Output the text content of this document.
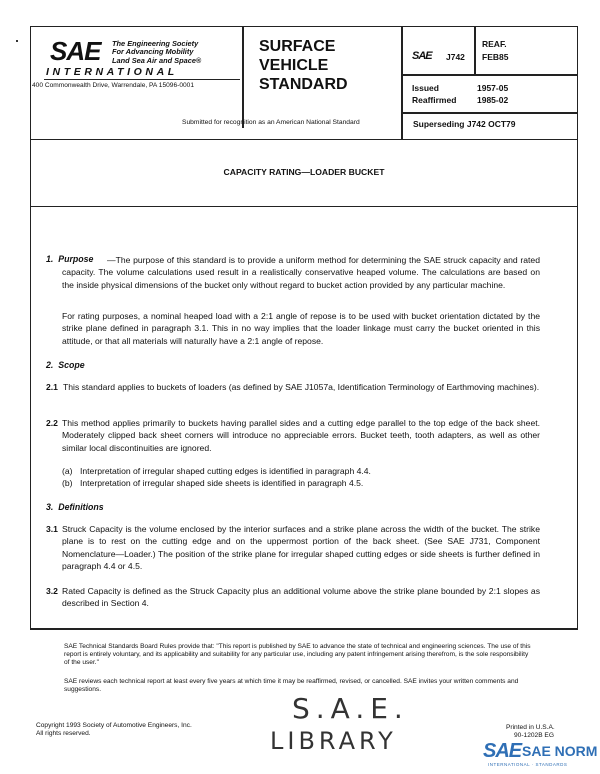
SAE The Engineering Society
For Advancing Mobility
Land Sea Air and Space®
INTERNATIONAL
400 Commonwealth Drive, Warrendale, PA 15096-0001
SURFACE
VEHICLE
STANDARD
SAE J742
REAF.
FEB85
Issued	1957-05
Reaffirmed 1985-02
Submitted for recognition as an American National Standard	Superseding J742 OCT79
CAPACITY RATING—LOADER BUCKET
1. Purpose	—The purpose of this standard is to provide a uniform method for determining the SAE struck capacity and rated capacity. The volume calculations used result in a realistically conservative heaped volume. The calculations are based on the inside physical dimensions of the bucket only without regard to bucket action provided by any particular machine.
For rating purposes, a nominal heaped load with a 2:1 angle of repose is to be used with bucket orientation dictated by the strike plane defined in paragraph 3.1. This in no way implies that the loader linkage must carry the bucket oriented in this attitude, or that all materials will naturally have a 2:1 angle of repose.
2. Scope
2.1 This standard applies to buckets of loaders (as defined by SAE J1057a, Identification Terminology of Earthmoving machines).
2.2 This method applies primarily to buckets having parallel sides and a cutting edge parallel to the top edge of the back sheet. Moderately clipped back sheet corners will introduce no appreciable errors. Bucket teeth, tooth adapters, as well as other similar local discontinuities are ignored.
(a) Interpretation of irregular shaped cutting edges is identified in paragraph 4.4.
(b) Interpretation of irregular shaped side sheets is identified in paragraph 4.5.
3. Definitions
3.1 Struck Capacity is the volume enclosed by the interior surfaces and a strike plane across the width of the bucket. The strike plane is to rest on the cutting edge and on the uppermost portion of the back sheet. (See SAE J731, Component Nomenclature—Loader.) The position of the strike plane for irregular shaped cutting edges or side sheets is further defined in paragraph 4.4 or 4.5.
3.2 Rated Capacity is defined as the Struck Capacity plus an additional volume above the strike plane bounded by 2:1 slopes as described in Section 4.
SAE Technical Standards Board Rules provide that: "This report is published by SAE to advance the state of technical and engineering sciences. The use of this report is entirely voluntary, and its applicability and suitability for any particular use, including any patent infringement arising therefrom, is the sole responsibility of the user."
SAE reviews each technical report at least every five years at which time it may be reaffirmed, revised, or cancelled. SAE invites your written comments and suggestions.
Copyright 1993 Society of Automotive Engineers, Inc.
All rights reserved.
Printed in U.S.A.
90-1202B EG
S.A.E.
LIBRARY	SAE SAE NORM
INTERNATIONAL · STANDARDS
